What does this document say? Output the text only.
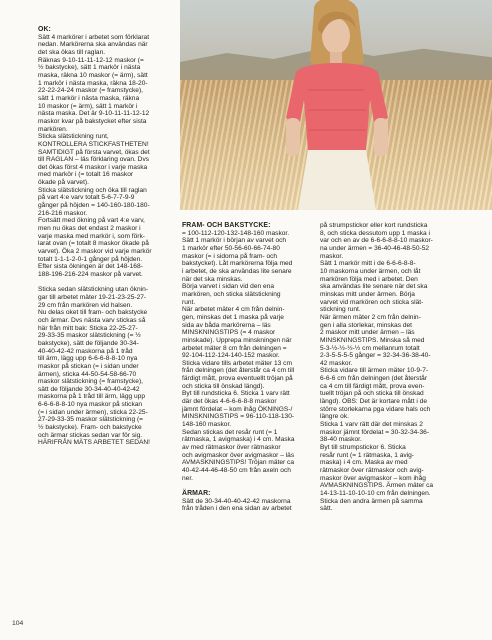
OK:

Sätt 4 markörer i arbetet som förklarat
nedan. Markörerna ska användas när
det ska ökas till raglan.
Räknas 9-10-11-11-12-12 maskor (=
½ bakstycke), sätt 1 markör i nästa
maska, räkna 10 maskor (= ärm), sätt
1 markör i nästa maska, räkna 18-20-
22-22-24-24 maskor (= framstycke),
sätt 1 markör i nästa maska, räkna
10 maskor (= ärm), sätt 1 markör i
nästa maska. Det är 9-10-11-11-12-12
maskor kvar på bakstycket efter sista
markören.
Sticka slätstickning runt,
KONTROLLERA STICKFASTHETEN!
SAMTIDIGT på första varvet, ökas det
till RAGLAN – läs förklaring ovan. Dvs
det ökas först 4 maskor i varje maska
med markör i (= totalt 16 maskor
ökade på varvet).
Sticka slätstickning och öka till raglan
på vart 4:e varv totalt 5-6-7-7-9-9
gånger på höjden = 140-160-180-180-
216-216 maskor.
Fortsätt med ökning på vart 4:e varv,
men nu ökas det endast 2 maskor i
varje maska med markör i, som förk-
larat ovan (= totalt 8 maskor ökade på
varvet). Öka 2 maskor vid varje markör
totalt 1-1-1-2-0-1 gånger på höjden.
Efter sista ökningen är det 148-168-
188-196-216-224 maskor på varvet.

Sticka sedan slätstickning utan öknin-
gar till arbetet mäter 19-21-23-25-27-
29 cm från markören vid halsen.
Nu delas oket till fram- och bakstycke
och ärmar. Dvs nästa varv stickas så
här från mitt bak: Sticka 22-25-27-
29-33-35 maskor slätstickning (= ½
bakstycke), sätt de följande 30-34-
40-40-42-42 maskorna på 1 tråd
till ärm, lägg upp 6-6-6-8-8-10 nya
maskor på stickan (= i sidan under
ärmen), sticka 44-50-54-58-66-70
maskor slätstickning (= framstycke),
sätt de följande 30-34-40-40-42-42
maskorna på 1 tråd till ärm, lägg upp
6-6-6-8-8-10 nya maskor på stickan
(= i sidan under ärmen), sticka 22-25-
27-29-33-35 maskor slätstickning (=
½ bakstycke). Fram- och bakstycke
och ärmar stickas sedan var för sig.
HÄRIFRÅN MÄTS ARBETET SEDAN!

FRAM- OCH BAKSTYCKE:

= 100-112-120-132-148-160 maskor.
Sätt 1 markör i början av varvet och
1 markör efter 50-56-60-66-74-80
maskor (= i sidorna på fram- och
bakstycket). Låt markörerna följa med
i arbetet, de ska användas lite senare
när det ska minskas.
Börja varvet i sidan vid den ena
markören, och sticka slätstickning
runt.
När arbetet mäter 4 cm från delnin-
gen, minskas det 1 maska på varje
sida av båda markörerna – läs
MINSKNINGSTIPS (= 4 maskor
minskade). Upprepa minskningen när
arbetet mäter 8 cm från delningen =
92-104-112-124-140-152 maskor.
Sticka vidare tills arbetet mäter 13 cm
från delningen (det återstår ca 4 cm till
färdigt mått, prova eventuellt tröjan på
och sticka till önskad längd).
Byt till rundsticka 6. Sticka 1 varv rätt
där det ökas 4-6-6-6-8-8 maskor
jämnt fördelat – kom ihåg ÖKNINGS-/
MINSKNINGSTIPS = 96-110-118-130-
148-160 maskor.
Sedan stickas det resår runt (= 1
rätmaska, 1 avigmaska) i 4 cm. Maska
av med rätmaskor över rätmaskor
och avigmaskor över avigmaskor – läs
AVMASKNINGSTIPS! Tröjan mäter ca
40-42-44-46-48-50 cm från axeln och
ner.

ÄRMAR:

Sätt de 30-34-40-40-42-42 maskorna
från tråden i den ena sidan av arbetet

på strumpstickor eller kort rundsticka
8, och sticka dessutom upp 1 maska i
var och en av de 6-6-6-8-8-10 maskor-
na under ärmen = 36-40-46-48-50-52
maskor.
Sätt 1 markör mitt i de 6-6-6-8-8-
10 maskorna under ärmen, och låt
markören följa med i arbetet. Den
ska användas lite senare när det ska
minskas mitt under ärmen. Börja
varvet vid markören och sticka slät-
stickning runt.
När ärmen mäter 2 cm från delnin-
gen i alla storlekar, minskas det
2 maskor mitt under ärmen – läs
MINSKNINGSTIPS. Minska så med
5-3-½-½-½-½ cm mellanrum totalt
2-3-5-5-5-5 gånger = 32-34-36-38-40-
42 maskor.
Sticka vidare till ärmen mäter 10-9-7-
6-6-6 cm från delningen (det återstår
ca 4 cm till färdigt mått, prova even-
tuellt tröjan på och sticka till önskad
längd). OBS: Det är kortare mått i de
större storlekarna pga vidare hals och
längre ok.
Sticka 1 varv rätt där det minskas 2
maskor jämnt fördelat = 30-32-34-36-
38-40 maskor.
Byt till strumpstickor 6. Sticka
resår runt (= 1 rätmaska, 1 avig-
maska) i 4 cm. Maska av med
rätmaskor över rätmaskor och avig-
maskor över avigmaskor – kom ihåg
AVMASKNINGSTIPS. Ärmen mäter ca
14-13-11-10-10-10 cm från delningen.
Sticka den andra ärmen på samma
sätt.

104
